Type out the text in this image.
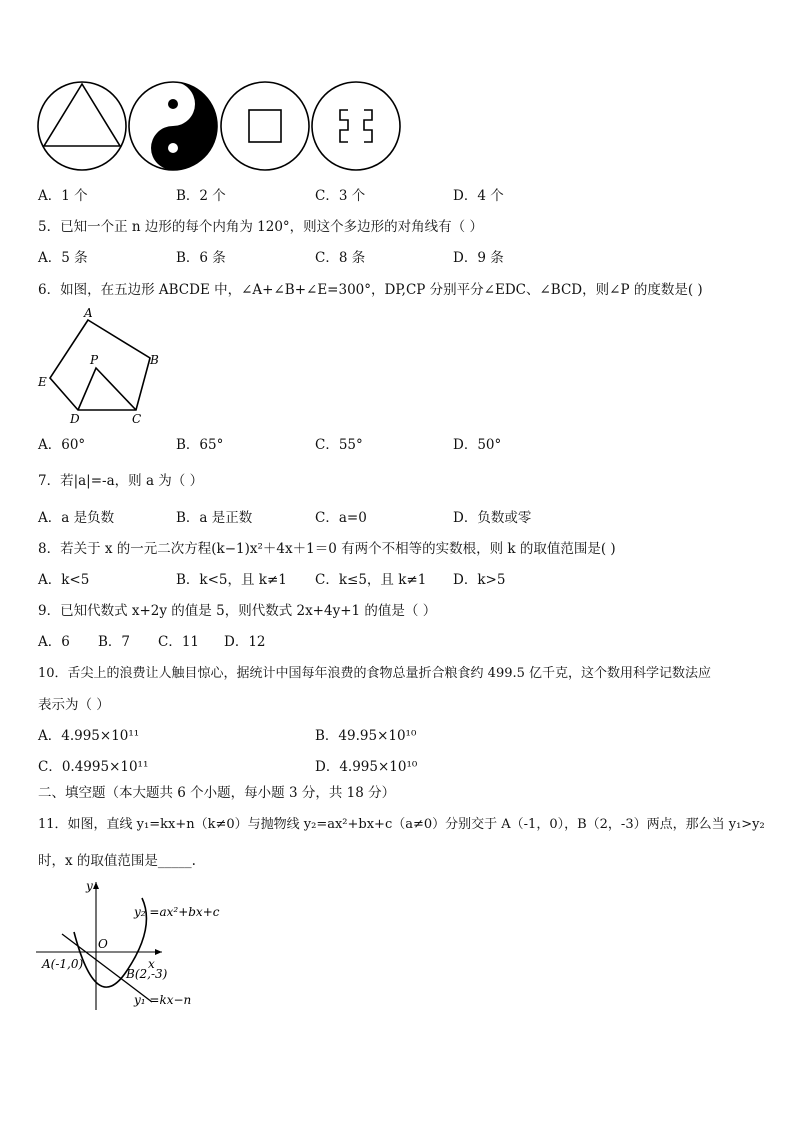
A．1 个	B．2 个	C．3 个	D．4 个
5．已知一个正 n 边形的每个内角为 120°，则这个多边形的对角线有（ ）
A．5 条	B．6 条	C．8 条	D．9 条
6．如图，在五边形 ABCDE 中，∠A+∠B+∠E=300°，DP,CP 分别平分∠EDC、∠BCD，则∠P 的度数是( )
A
B
C
D
E
P
A．60°	B．65°	C．55°	D．50°
7．若|a|=-a，则 a 为（ ）
A．a 是负数	B．a 是正数	C．a=0	D．负数或零
8．若关于 x 的一元二次方程(k−1)x²＋4x＋1＝0 有两个不相等的实数根，则 k 的取值范围是( )
A．k<5	B．k<5，且 k≠1 C．k≤5，且 k≠1 D．k>5
9．已知代数式 x+2y 的值是 5，则代数式 2x+4y+1 的值是（ ）
A．6 B．7 C．11 D．12
10．舌尖上的浪费让人触目惊心，据统计中国每年浪费的食物总量折合粮食约 499.5 亿千克，这个数用科学记数法应
表示为（ ）
A．4.995×10¹¹	B．49.95×10¹⁰
C．0.4995×10¹¹	D．4.995×10¹⁰
二、填空题（本大题共 6 个小题，每小题 3 分，共 18 分）
11．如图，直线 y₁=kx+n（k≠0）与抛物线 y₂=ax²+bx+c（a≠0）分别交于 A（-1，0），B（2，-3）两点，那么当 y₁>y₂
时，x 的取值范围是_____.
y
x
O
A(-1,0)
B(2,-3)
y₂ =ax²+bx+c
y₁ =kx−n
